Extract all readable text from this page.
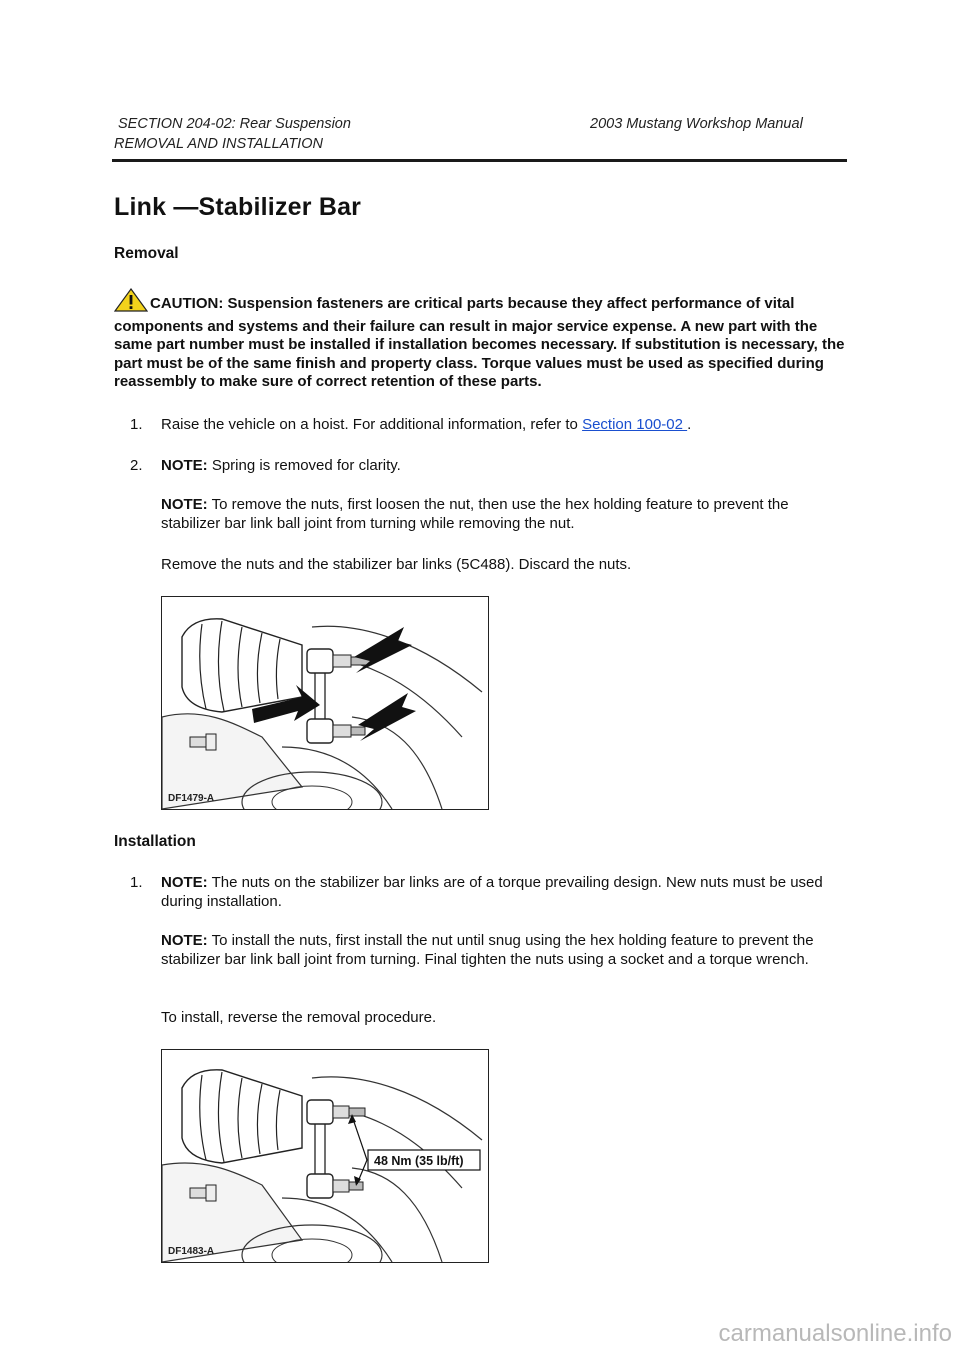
SECTION 204-02: Rear Suspension	2003 Mustang Workshop Manual
REMOVAL AND INSTALLATION
Link —Stabilizer Bar
Removal
CAUTION: Suspension fasteners are critical parts because they affect performance of vital components and systems and their failure can result in major service expense. A new part with the same part number must be installed if installation becomes necessary. If substitution is necessary, the part must be of the same finish and property class. Torque values must be used as specified during reassembly to make sure of correct retention of these parts.
1. Raise the vehicle on a hoist. For additional information, refer to Section 100-02 .
2. NOTE: Spring is removed for clarity.
NOTE: To remove the nuts, first loosen the nut, then use the hex holding feature to prevent the stabilizer bar link ball joint from turning while removing the nut.
Remove the nuts and the stabilizer bar links (5C488). Discard the nuts.
DF1479-A
Installation
1. NOTE: The nuts on the stabilizer bar links are of a torque prevailing design. New nuts must be used during installation.
NOTE: To install the nuts, first install the nut until snug using the hex holding feature to prevent the stabilizer bar link ball joint from turning. Final tighten the nuts using a socket and a torque wrench.
To install, reverse the removal procedure.
48 Nm (35 lb/ft)
DF1483-A
carmanualsonline.info
